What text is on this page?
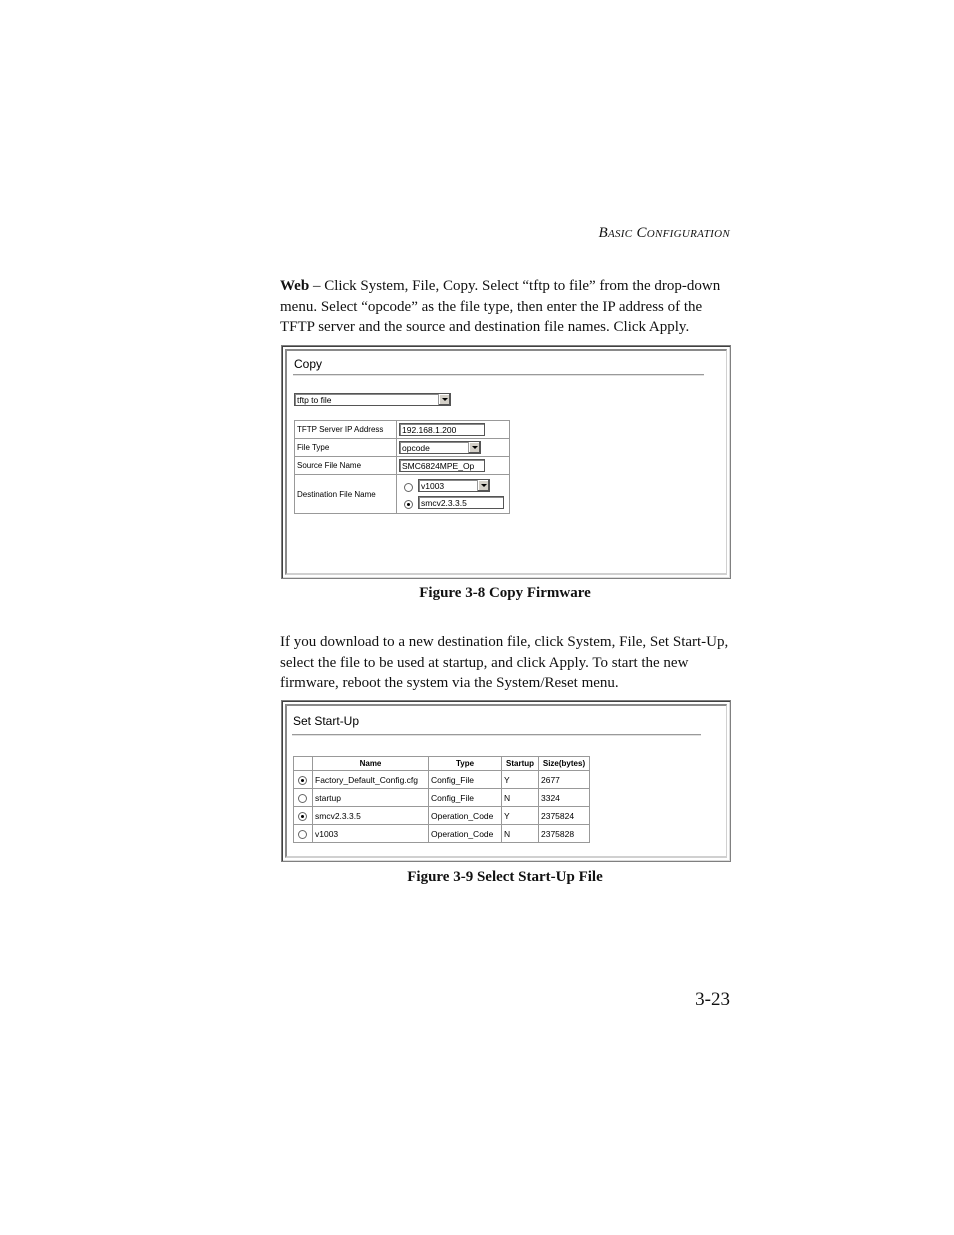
Basic Configuration
Web – Click System, File, Copy. Select “tftp to file” from the drop-down menu. Select “opcode” as the file type, then enter the IP address of the TFTP server and the source and destination file names. Click Apply.
Copy
tftp to file
TFTP Server IP Address	192.168.1.200

File Type	opcode

Source File Name	SMC6824MPE_Op

Destination File Name	v1003
smcv2.3.3.5
Figure 3-8 Copy Firmware
If you download to a new destination file, click System, File, Set Start-Up, select the file to be used at startup, and click Apply. To start the new firmware, reboot the system via the System/Reset menu.
Set Start-Up
	Name	Type	Startup	Size(bytes)

	Factory_Default_Config.cfg	Config_File	Y	2677

	startup	Config_File	N	3324

	smcv2.3.3.5	Operation_Code	Y	2375824

	v1003	Operation_Code	N	2375828
Figure 3-9 Select Start-Up File
3-23
